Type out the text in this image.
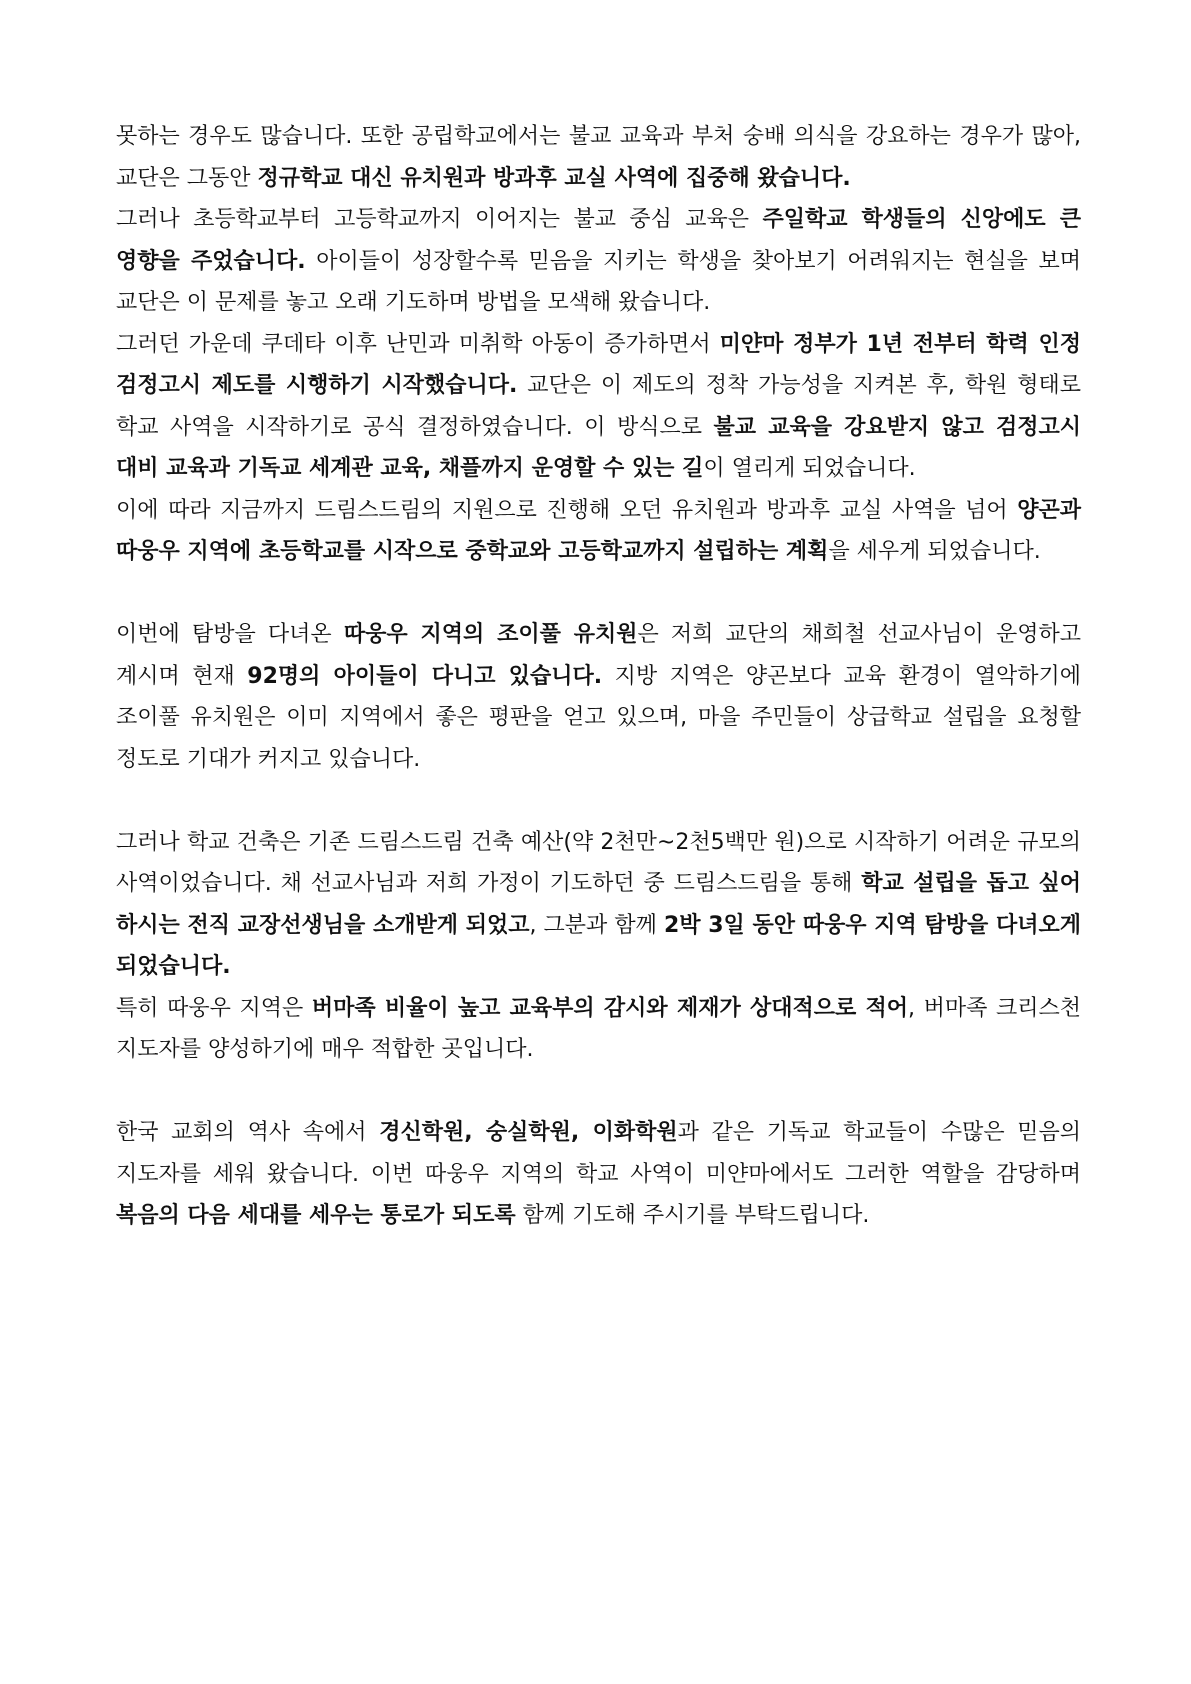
못하는 경우도 많습니다. 또한 공립학교에서는 불교 교육과 부처 숭배 의식을 강요하는 경우가 많아, 교단은 그동안 정규학교 대신 유치원과 방과후 교실 사역에 집중해 왔습니다.

그러나 초등학교부터 고등학교까지 이어지는 불교 중심 교육은 주일학교 학생들의 신앙에도 큰 영향을 주었습니다. 아이들이 성장할수록 믿음을 지키는 학생을 찾아보기 어려워지는 현실을 보며 교단은 이 문제를 놓고 오래 기도하며 방법을 모색해 왔습니다.

그러던 가운데 쿠데타 이후 난민과 미취학 아동이 증가하면서 미얀마 정부가 1년 전부터 학력 인정 검정고시 제도를 시행하기 시작했습니다. 교단은 이 제도의 정착 가능성을 지켜본 후, 학원 형태로 학교 사역을 시작하기로 공식 결정하였습니다. 이 방식으로 불교 교육을 강요받지 않고 검정고시 대비 교육과 기독교 세계관 교육, 채플까지 운영할 수 있는 길이 열리게 되었습니다.

이에 따라 지금까지 드림스드림의 지원으로 진행해 오던 유치원과 방과후 교실 사역을 넘어 양곤과 따웅우 지역에 초등학교를 시작으로 중학교와 고등학교까지 설립하는 계획을 세우게 되었습니다.

이번에 탐방을 다녀온 따웅우 지역의 조이풀 유치원은 저희 교단의 채희철 선교사님이 운영하고 계시며 현재 92명의 아이들이 다니고 있습니다. 지방 지역은 양곤보다 교육 환경이 열악하기에 조이풀 유치원은 이미 지역에서 좋은 평판을 얻고 있으며, 마을 주민들이 상급학교 설립을 요청할 정도로 기대가 커지고 있습니다.

그러나 학교 건축은 기존 드림스드림 건축 예산(약 2천만~2천5백만 원)으로 시작하기 어려운 규모의 사역이었습니다. 채 선교사님과 저희 가정이 기도하던 중 드림스드림을 통해 학교 설립을 돕고 싶어 하시는 전직 교장선생님을 소개받게 되었고, 그분과 함께 2박 3일 동안 따웅우 지역 탐방을 다녀오게 되었습니다.

특히 따웅우 지역은 버마족 비율이 높고 교육부의 감시와 제재가 상대적으로 적어, 버마족 크리스천 지도자를 양성하기에 매우 적합한 곳입니다.

한국 교회의 역사 속에서 경신학원, 숭실학원, 이화학원과 같은 기독교 학교들이 수많은 믿음의 지도자를 세워 왔습니다. 이번 따웅우 지역의 학교 사역이 미얀마에서도 그러한 역할을 감당하며 복음의 다음 세대를 세우는 통로가 되도록 함께 기도해 주시기를 부탁드립니다.
